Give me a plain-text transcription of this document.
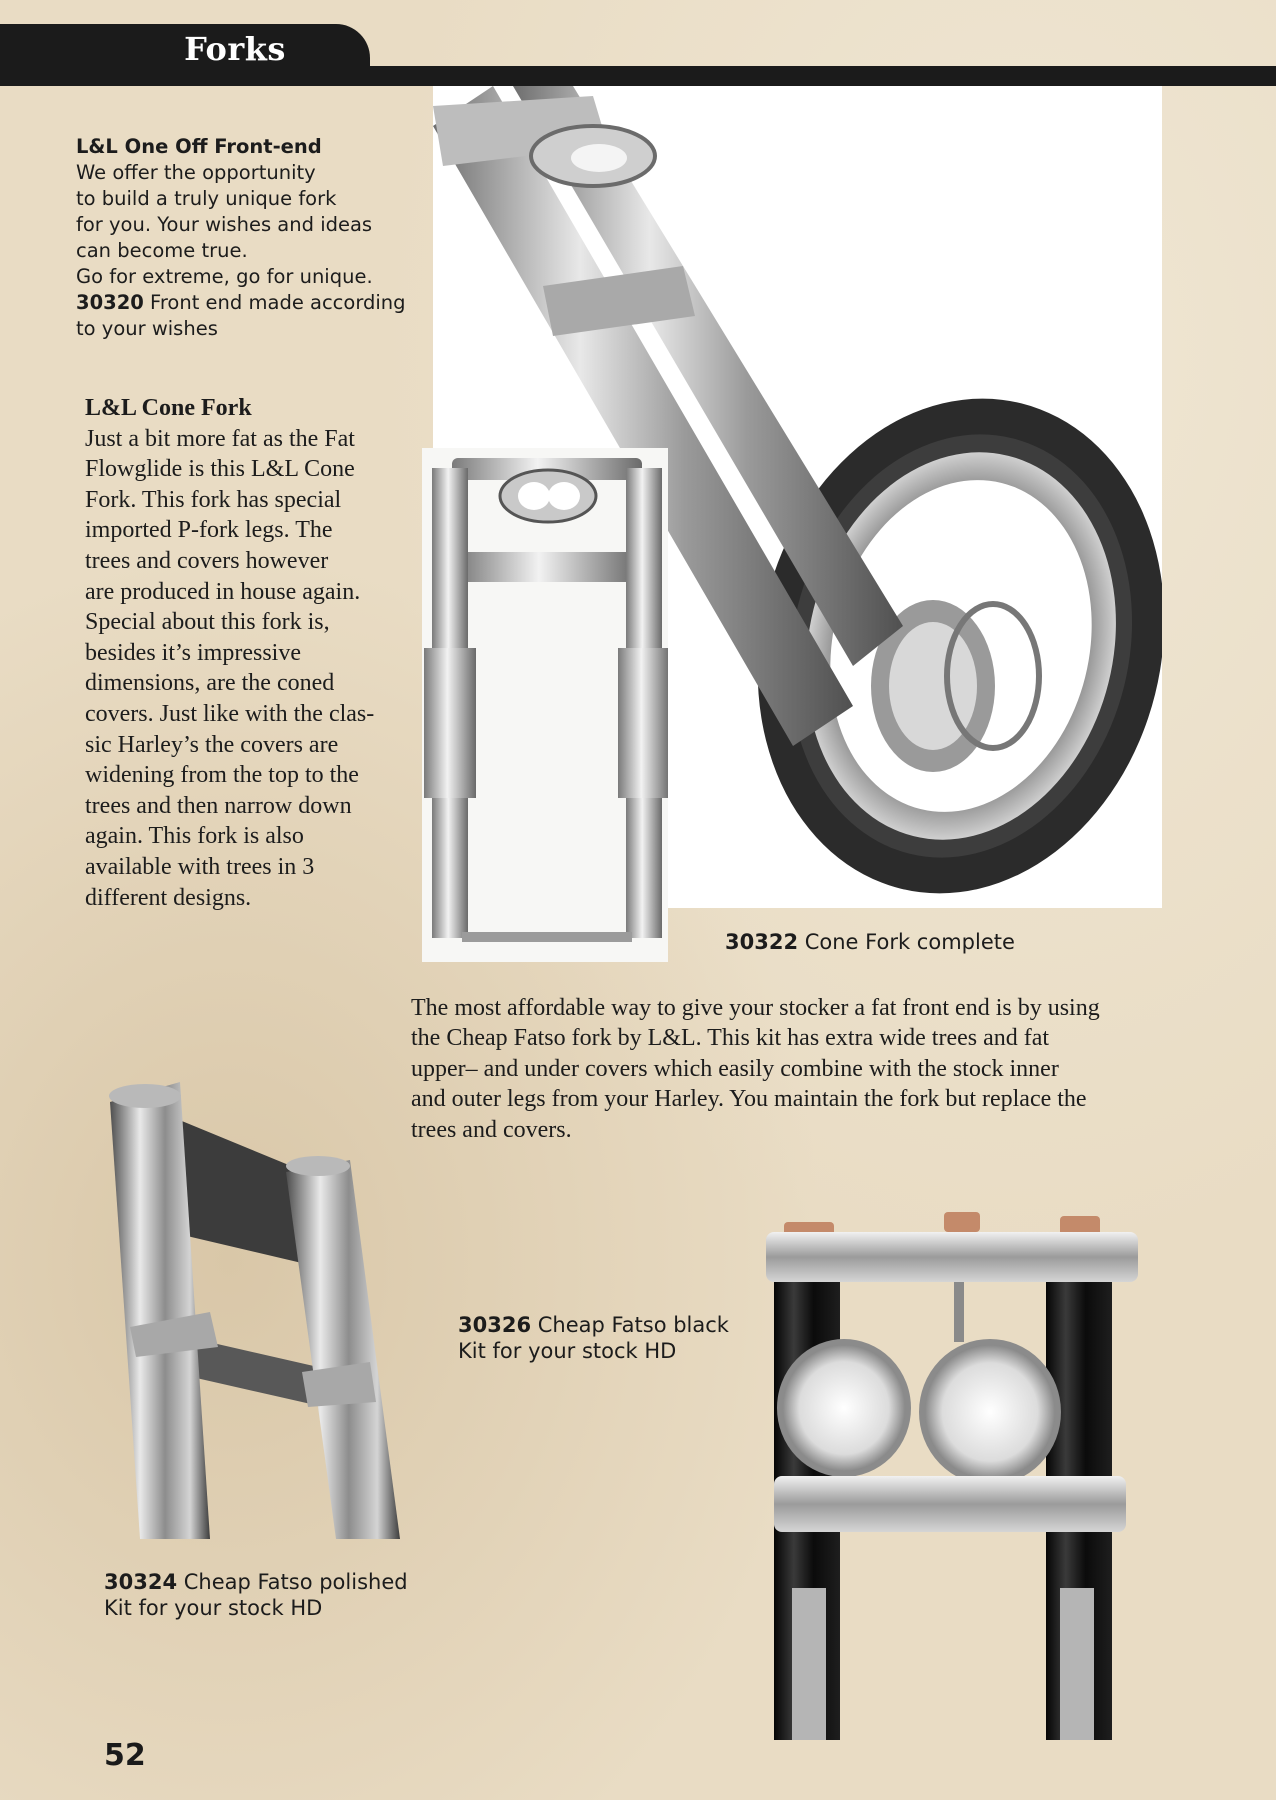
Forks
L&L One Off Front-end
We offer the opportunity
to build a truly unique fork
for you. Your wishes and ideas
can become true.
Go for extreme, go for unique.
30320 Front end made according
to your wishes
L&L Cone Fork
Just a bit more fat as the Fat
Flowglide is this L&L Cone
Fork. This fork has special
imported P-fork legs. The
trees and covers however
are produced in house again.
Special about this fork is,
besides it’s impressive
dimensions, are the coned
covers. Just like with the clas-
sic Harley’s the covers are
widening from the top to the
trees and then narrow down
again. This fork is also
available with trees in 3
different designs.
30322 Cone Fork complete
The most affordable way to give your stocker a fat front end is by using
the Cheap Fatso fork by L&L. This kit has extra wide trees and fat
upper– and under covers which easily combine with the stock inner
and outer legs from your Harley. You maintain the fork but replace the
trees and covers.
30326 Cheap Fatso black
Kit for your stock HD
30324 Cheap Fatso polished
Kit for your stock HD
52
